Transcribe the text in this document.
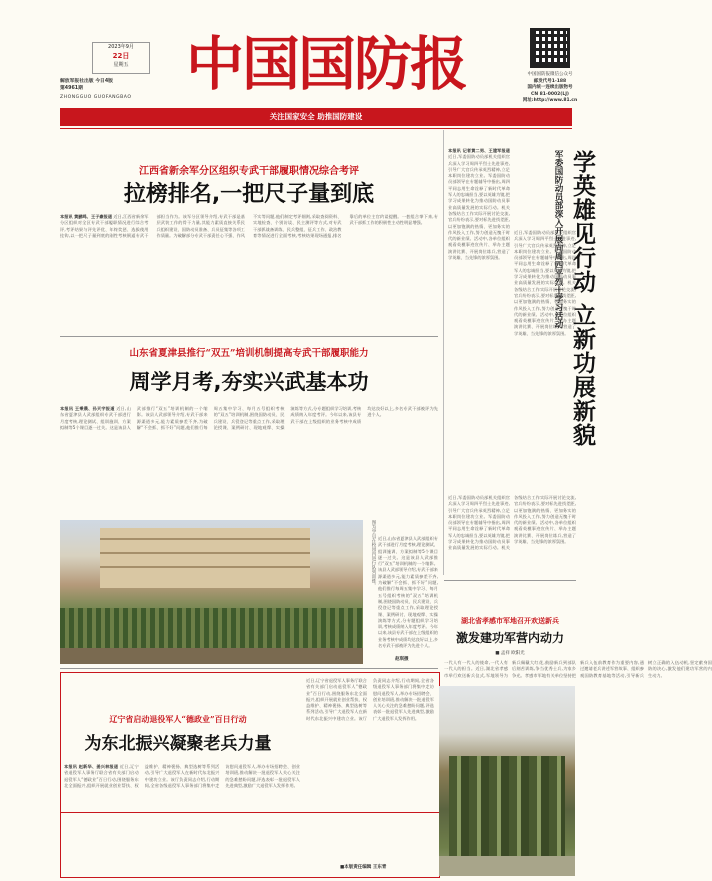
2023年9月
22日
星期五
解放军报社出版 今日4版
第4961期
ZHONGGUO GUOFANGBAO 中国国防报	中国国防报微信公众号
邮发代号1-188
国内统一连续出版物号
CN 81-0002(LJ)
网址:http://www.81.cn
关注国家安全 助推国防建设
江西省新余军分区组织专武干部履职情况综合考评
拉榜排名,一把尺子量到底
本报讯 黄鹂鸣、王子豪报道 近日,江西省新余军分区组织对全区专武干部履职情况进行综合考评,考评结果与评先评优、年终奖惩、选拔使用挂钩,以一把尺子量到底的刚性考核倒逼专武干部担当作为。该军分区领导介绍,专武干部是基层武装工作的骨干力量,其能力素质直接关系民兵组织建设、国防动员准备、兵员征集等各项工作质量。为破解部分专武干部责任心不强、作风不实等问题,他们制定考评细则,采取查阅资料、实地检查、个别访谈、民主测评等方式,对专武干部抓战备训练、民兵整组、征兵工作、政治教育等情况进行全面考核,考核结果现场通报,排名靠后的单位主官约谈提醒。一套组合拳下来,专武干部抓工作的积极性主动性明显增强。
山东省夏津县推行“双五”培训机制提高专武干部履职能力
周学月考,夯实兴武基本功
本报讯 王秉晨、孙天宇报道 近日,山东省夏津县人武部组织专武干部进行月度考核,理论测试、组训施训、方案拟制等5个课目逐一过关。这是该县人武部推行“双五”培训机制的一个缩影。该县人武部领导介绍,专武干部来源渠道多元,能力素质参差不齐,为破解“不会抓、抓不好”问题,他们推行每周五集中学习、每月五号组织考核的“双五”培训机制,围绕国防动员、民兵建设、兵役登记等重点工作,采取理论授课、案例研讨、现地观摩、实操演练等方式,分专题组织学习培训,考核成绩纳入年度考评。今年以来,该县专武干部在上级组织的业务考核中成绩均达良好以上,多名专武干部被评为先进个人。
图为学员在校园内进行队列训练。
赵琪摄
近日,山东省夏津县人武部组织专武干部进行月度考核,理论测试、组训施训、方案拟制等5个课目逐一过关。这是该县人武部推行“双五”培训机制的一个缩影。该县人武部领导介绍,专武干部来源渠道多元,能力素质参差不齐,为破解“不会抓、抓不好”问题,他们推行每周五集中学习、每月五号组织考核的“双五”培训机制,围绕国防动员、民兵建设、兵役登记等重点工作,采取理论授课、案例研讨、现地观摩、实操演练等方式,分专题组织学习培训,考核成绩纳入年度考评。今年以来,该县专武干部在上级组织的业务考核中成绩均达良好以上,多名专武干部被评为先进个人。
辽宁省启动退役军人“德政业”百日行动
为东北振兴凝聚老兵力量
本报讯 赵新华、姜兴林报道 近日,辽宁省退役军人事务厅联合省有关部门启动退役军人“德政业”百日行动,围绕服务东北全面振兴,组织开展就业创业帮扶、权益维护、精神褒扬、典型选树等系列活动,引导广大退役军人在新时代东北振兴中建功立业。该厅负责同志介绍,行动期间,全省各级退役军人事务部门将集中走访慰问退役军人,举办专场招聘会、创业培训班,推动解决一批退役军人关心关注的急难愁盼问题,评选表彰一批退役军人先进典型,激励广大退役军人发挥作用。
近日,辽宁省退役军人事务厅联合省有关部门启动退役军人“德政业”百日行动,围绕服务东北全面振兴,组织开展就业创业帮扶、权益维护、精神褒扬、典型选树等系列活动,引导广大退役军人在新时代东北振兴中建功立业。该厅负责同志介绍,行动期间,全省各级退役军人事务部门将集中走访慰问退役军人,举办专场招聘会、创业培训班,推动解决一批退役军人关心关注的急难愁盼问题,评选表彰一批退役军人先进典型,激励广大退役军人发挥作用。
■本版责任编辑 王东青
本报讯 记者黄二男、王建军报道 近日,军委国防动员部机关组织官兵深入学习周四平烈士先进事迹,引导广大官兵传承英烈精神,立足本职岗位建功立业。军委国防动员部领导在专题辅导中指出,周四平同志用生命诠释了新时代革命军人的忠诚担当,要以英雄为镜,把学习成果转化为推动国防动员事业高质量发展的实际行动。机关各级结合工作实际开展讨论交流,官兵纷纷表示,要对标先进找差距,以更加饱满的热情、更加务实的作风投入工作,努力创造无愧于时代的新业绩。活动中,各单位组织观看英模事迹宣传片、举办主题演讲比赛、开展岗位练兵,营造了学英雄、当先锋的浓厚氛围。
近日,军委国防动员部机关组织官兵深入学习周四平烈士先进事迹,引导广大官兵传承英烈精神,立足本职岗位建功立业。军委国防动员部领导在专题辅导中指出,周四平同志用生命诠释了新时代革命军人的忠诚担当,要以英雄为镜,把学习成果转化为推动国防动员事业高质量发展的实际行动。机关各级结合工作实际开展讨论交流,官兵纷纷表示,要对标先进找差距,以更加饱满的热情、更加务实的作风投入工作,努力创造无愧于时代的新业绩。活动中,各单位组织观看英模事迹宣传片、举办主题演讲比赛、开展岗位练兵,营造了学英雄、当先锋的浓厚氛围。 学英雄见行动 立新功展新貌
军委国防动员部深入开展向周四平烈士学习活动
近日,军委国防动员部机关组织官兵深入学习周四平烈士先进事迹,引导广大官兵传承英烈精神,立足本职岗位建功立业。军委国防动员部领导在专题辅导中指出,周四平同志用生命诠释了新时代革命军人的忠诚担当,要以英雄为镜,把学习成果转化为推动国防动员事业高质量发展的实际行动。机关各级结合工作实际开展讨论交流,官兵纷纷表示,要对标先进找差距,以更加饱满的热情、更加务实的作风投入工作,努力创造无愧于时代的新业绩。活动中,各单位组织观看英模事迹宣传片、举办主题演讲比赛、开展岗位练兵,营造了学英雄、当先锋的浓厚氛围。
湖北省孝感市军地召开欢送新兵
激发建功军营内动力
■ 孟祥 欧阳光
一代人有一代人的使命,一代人有一代人的担当。近日,湖北省孝感市举行欢送新兵仪式,军地领导为新兵佩戴大红花,鼓励新兵到部队后刻苦训练,争当优秀士兵,为家乡争光。孝感市军地有关单位坚持把新兵入伍前教育作为重要内容,通过邀请老兵讲述军营故事、组织参观国防教育基地等活动,引导新兵树立正确的入伍动机,坚定献身国防的决心,激发他们建功军营的内生动力。
